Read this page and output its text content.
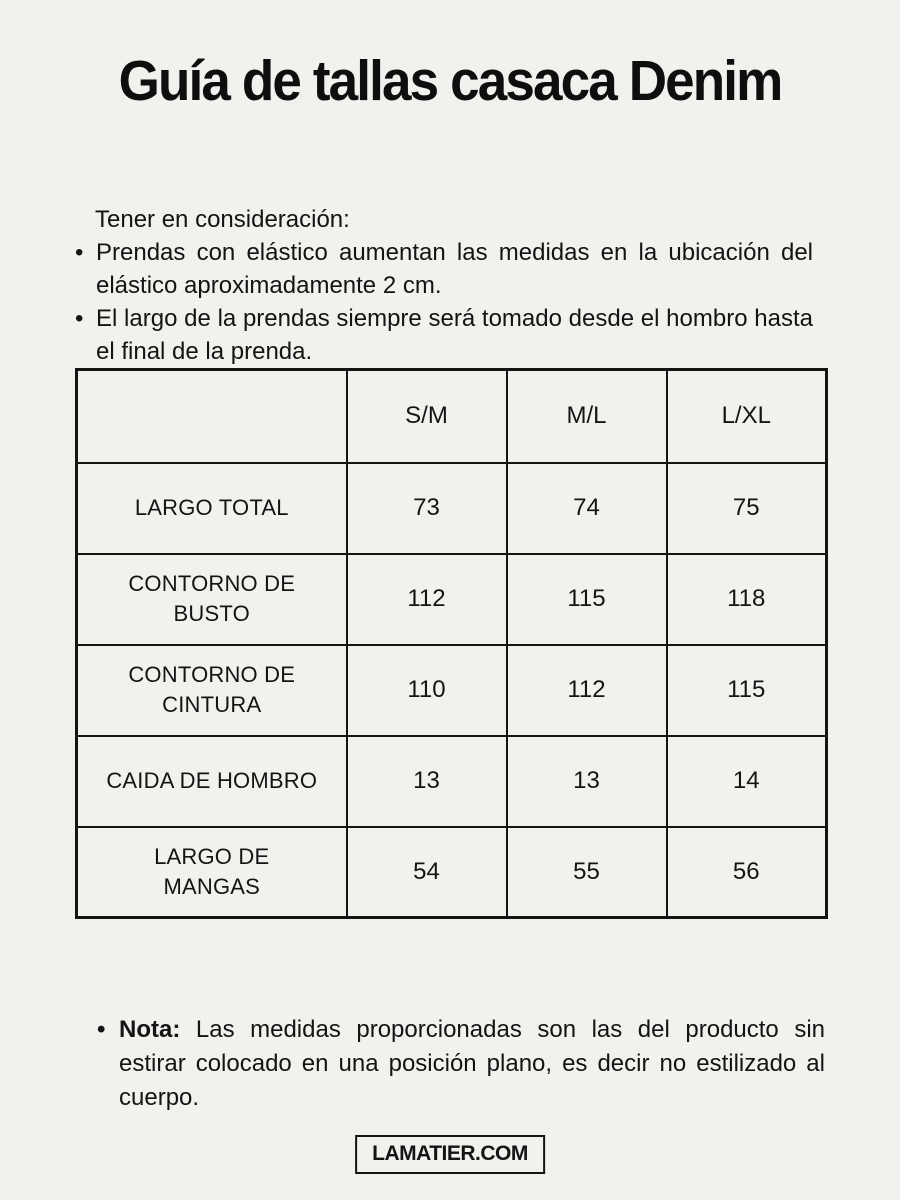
Guía de tallas casaca Denim

Tener en consideración:

• Prendas con elástico aumentan las medidas en la ubicación del elástico aproximadamente 2 cm.
• El largo de la prendas siempre será tomado desde el hombro hasta el final de la prenda.
	S/M	M/L	L/XL
LARGO TOTAL	73	74	75
CONTORNO DE BUSTO	112	115	118
CONTORNO DE CINTURA	110	112	115
CAIDA DE HOMBRO	13	13	14
LARGO DE MANGAS	54	55	56
• Nota: Las medidas proporcionadas son las del producto sin estirar colocado en una posición plano, es decir no estilizado al cuerpo.
LAMATIER.COM
